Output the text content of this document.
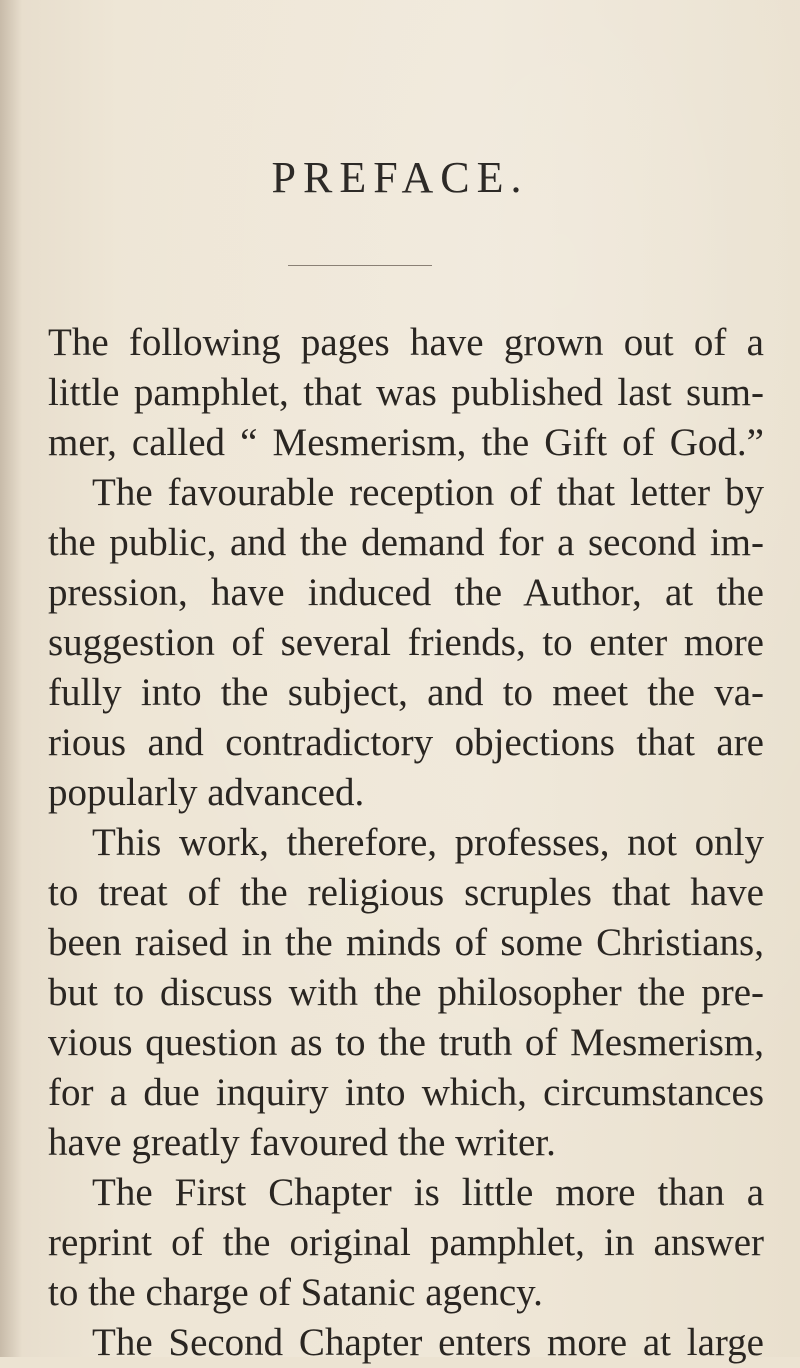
PREFACE.
The following pages have grown out of a
little pamphlet, that was published last sum-
mer, called “ Mesmerism, the Gift of God.”
The favourable reception of that letter by
the public, and the demand for a second im-
pression, have induced the Author, at the
suggestion of several friends, to enter more
fully into the subject, and to meet the va-
rious and contradictory objections that are
popularly advanced.
This work, therefore, professes, not only
to treat of the religious scruples that have
been raised in the minds of some Christians,
but to discuss with the philosopher the pre-
vious question as to the truth of Mesmerism,
for a due inquiry into which, circumstances
have greatly favoured the writer.
The First Chapter is little more than a
reprint of the original pamphlet, in answer
to the charge of Satanic agency.
The Second Chapter enters more at large
